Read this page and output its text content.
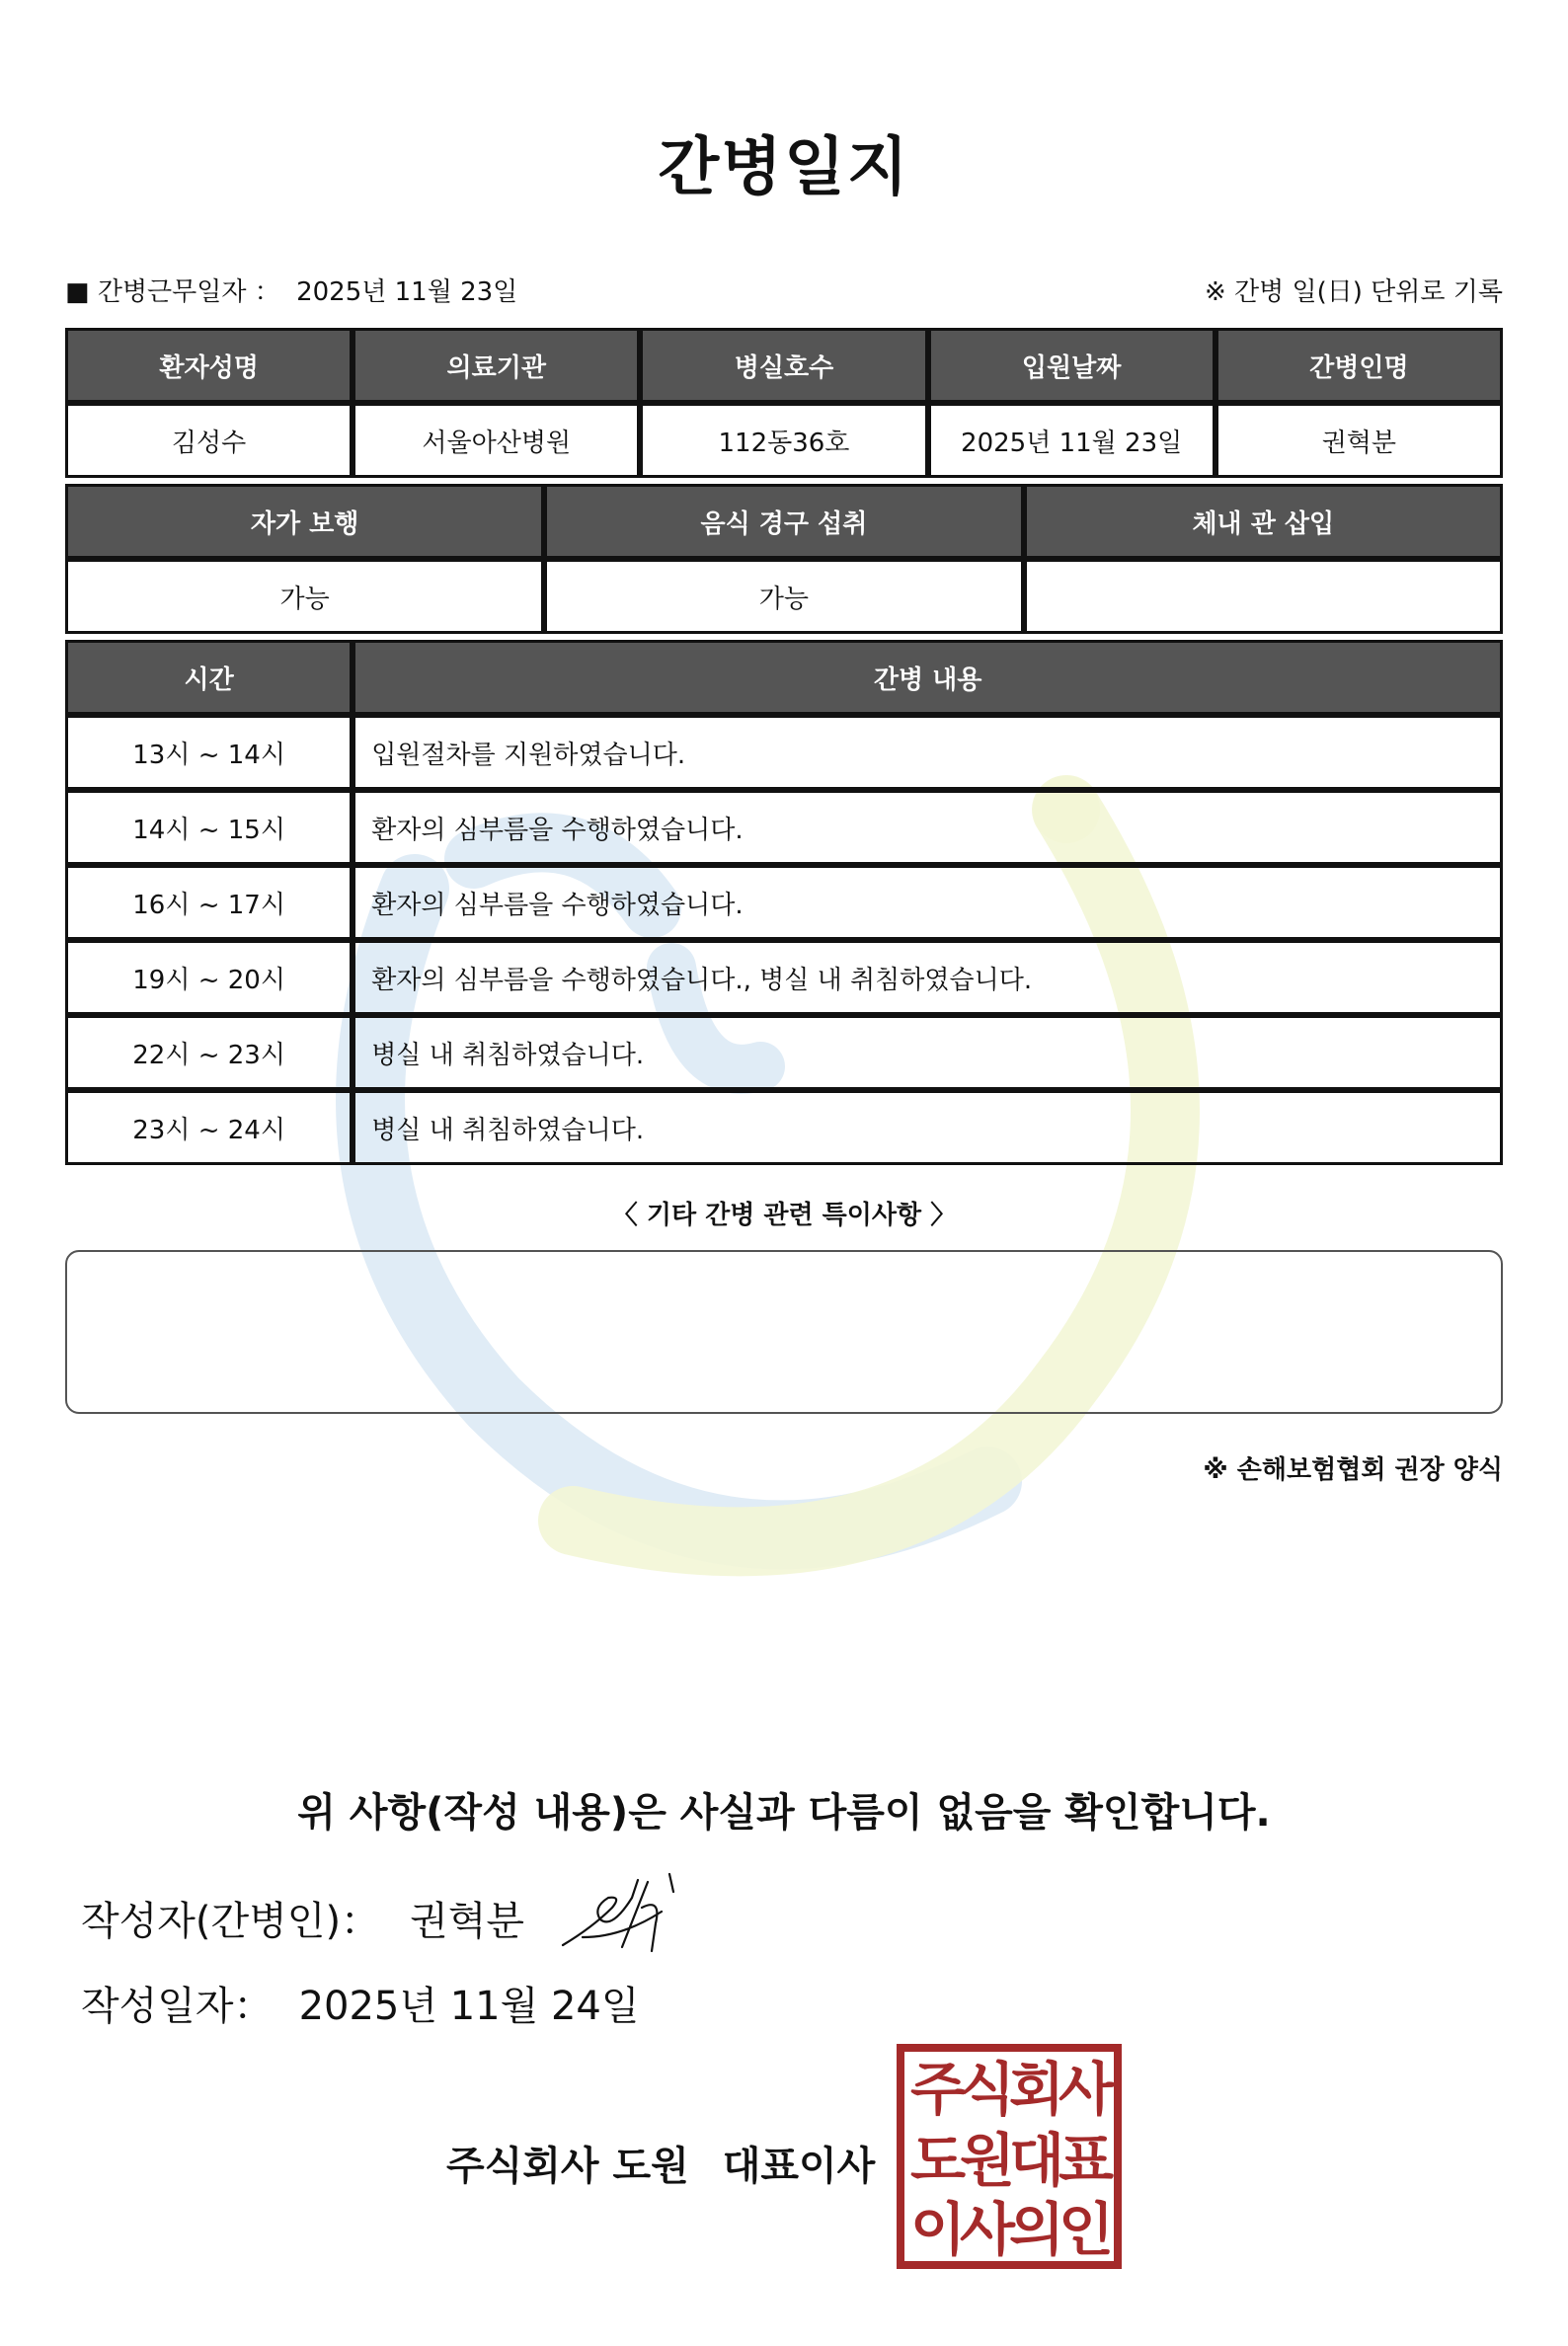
간병일지
■ 간병근무일자 ： 2025년 11월 23일	※ 간병 일(日) 단위로 기록
환자성명	의료기관	병실호수	입원날짜	간병인명
김성수	서울아산병원	112동36호	2025년 11월 23일	권혁분
자가 보행	음식 경구 섭취	체내 관 삽입
가능	가능	
시간	간병 내용
13시 ~ 14시	입원절차를 지원하였습니다.
14시 ~ 15시	환자의 심부름을 수행하였습니다.
16시 ~ 17시	환자의 심부름을 수행하였습니다.
19시 ~ 20시	환자의 심부름을 수행하였습니다., 병실 내 취침하였습니다.
22시 ~ 23시	병실 내 취침하였습니다.
23시 ~ 24시	병실 내 취침하였습니다.
〈 기타 간병 관련 특이사항 〉
※ 손해보험협회 권장 양식
위 사항(작성 내용)은 사실과 다름이 없음을 확인합니다.
작성자(간병인)： 권혁분
작성일자： 2025년 11월 24일
주식회사 도원 대표이사
주식회사
도원대표
이사의인
